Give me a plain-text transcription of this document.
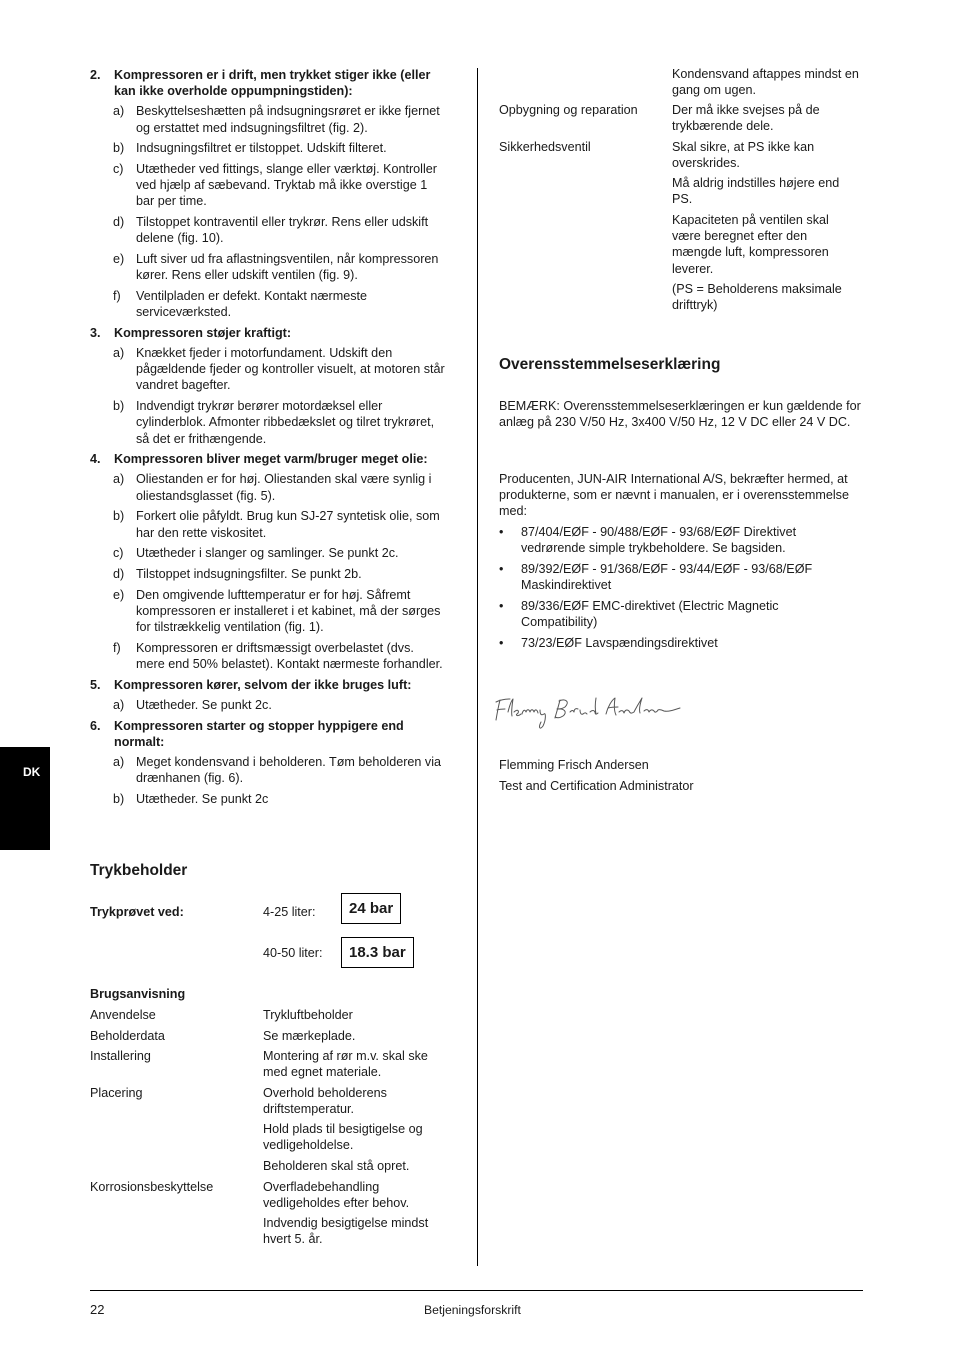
DK
2. Kompressoren er i drift, men trykket stiger ikke (eller kan ikke overholde oppumpningstiden):
a) Beskyttelseshætten på indsugningsrøret er ikke fjernet og erstattet med indsugningsfiltret (fig. 2).
b) Indsugningsfiltret er tilstoppet. Udskift filteret.
c) Utætheder ved fittings, slange eller værktøj. Kontroller ved hjælp af sæbevand. Tryktab må ikke overstige 1 bar per time.
d) Tilstoppet kontraventil eller trykrør. Rens eller udskift delene (fig. 10).
e) Luft siver ud fra aflastningsventilen, når kompressoren kører. Rens eller udskift ventilen (fig. 9).
f) Ventilpladen er defekt. Kontakt nærmeste serviceværksted.
3. Kompressoren støjer kraftigt:
a) Knækket fjeder i motorfundament. Udskift den pågældende fjeder og kontroller visuelt, at motoren står vandret bagefter.
b) Indvendigt trykrør berører motordæksel eller cylinderblok. Afmonter ribbedækslet og tilret trykrøret, så det er frithængende.
4. Kompressoren bliver meget varm/bruger meget olie:
a) Oliestanden er for høj. Oliestanden skal være synlig i oliestandsglasset (fig. 5).
b) Forkert olie påfyldt. Brug kun SJ-27 syntetisk olie, som har den rette viskositet.
c) Utætheder i slanger og samlinger. Se punkt 2c.
d) Tilstoppet indsugningsfilter. Se punkt 2b.
e) Den omgivende lufttemperatur er for høj. Såfremt kompressoren er installeret i et kabinet, må der sørges for tilstrækkelig ventilation (fig. 1).
f) Kompressoren er driftsmæssigt overbelastet (dvs. mere end 50% belastet). Kontakt nærmeste forhandler.
5. Kompressoren kører, selvom der ikke bruges luft:
a) Utætheder. Se punkt 2c.
6. Kompressoren starter og stopper hyppigere end normalt:
a) Meget kondensvand i beholderen. Tøm beholderen via drænhanen (fig. 6).
b) Utætheder. Se punkt 2c
Trykbeholder
Trykprøvet ved:	4-25 liter:	24 bar
40-50 liter:	18.3 bar
Brugsanvisning
Anvendelse	Trykluftbeholder
Beholderdata	Se mærkeplade.
Installering	Montering af rør m.v. skal ske med egnet materiale.
Placering	Overhold beholderens driftstemperatur.
Hold plads til besigtigelse og vedligeholdelse.
Beholderen skal stå opret.
Korrosionsbeskyttelse	Overfladebehandling vedligeholdes efter behov.
Indvendig besigtigelse mindst hvert 5. år.
Kondensvand aftappes mindst en gang om ugen.
Opbygning og reparation	Der må ikke svejses på de trykbærende dele.
Sikkerhedsventil	Skal sikre, at PS ikke kan overskrides.
Må aldrig indstilles højere end PS.
Kapaciteten på ventilen skal være beregnet efter den mængde luft, kompressoren leverer.
(PS = Beholderens maksimale drifttryk)
Overensstemmelseserklæring
BEMÆRK: Overensstemmelseserklæringen er kun gældende for anlæg på 230 V/50 Hz, 3x400 V/50 Hz, 12 V DC eller 24 V DC.
Producenten, JUN-AIR International A/S, bekræfter hermed, at produkterne, som er nævnt i manualen, er i overensstemmelse med:
• 87/404/EØF - 90/488/EØF - 93/68/EØF Direktivet vedrørende simple trykbeholdere. Se bagsiden.
• 89/392/EØF - 91/368/EØF - 93/44/EØF - 93/68/EØF Maskindirektivet
• 89/336/EØF EMC-direktivet (Electric Magnetic Compatibility)
• 73/23/EØF Lavspændingsdirektivet
Flemming Frisch Andersen
Test and Certification Administrator
22	Betjeningsforskrift
